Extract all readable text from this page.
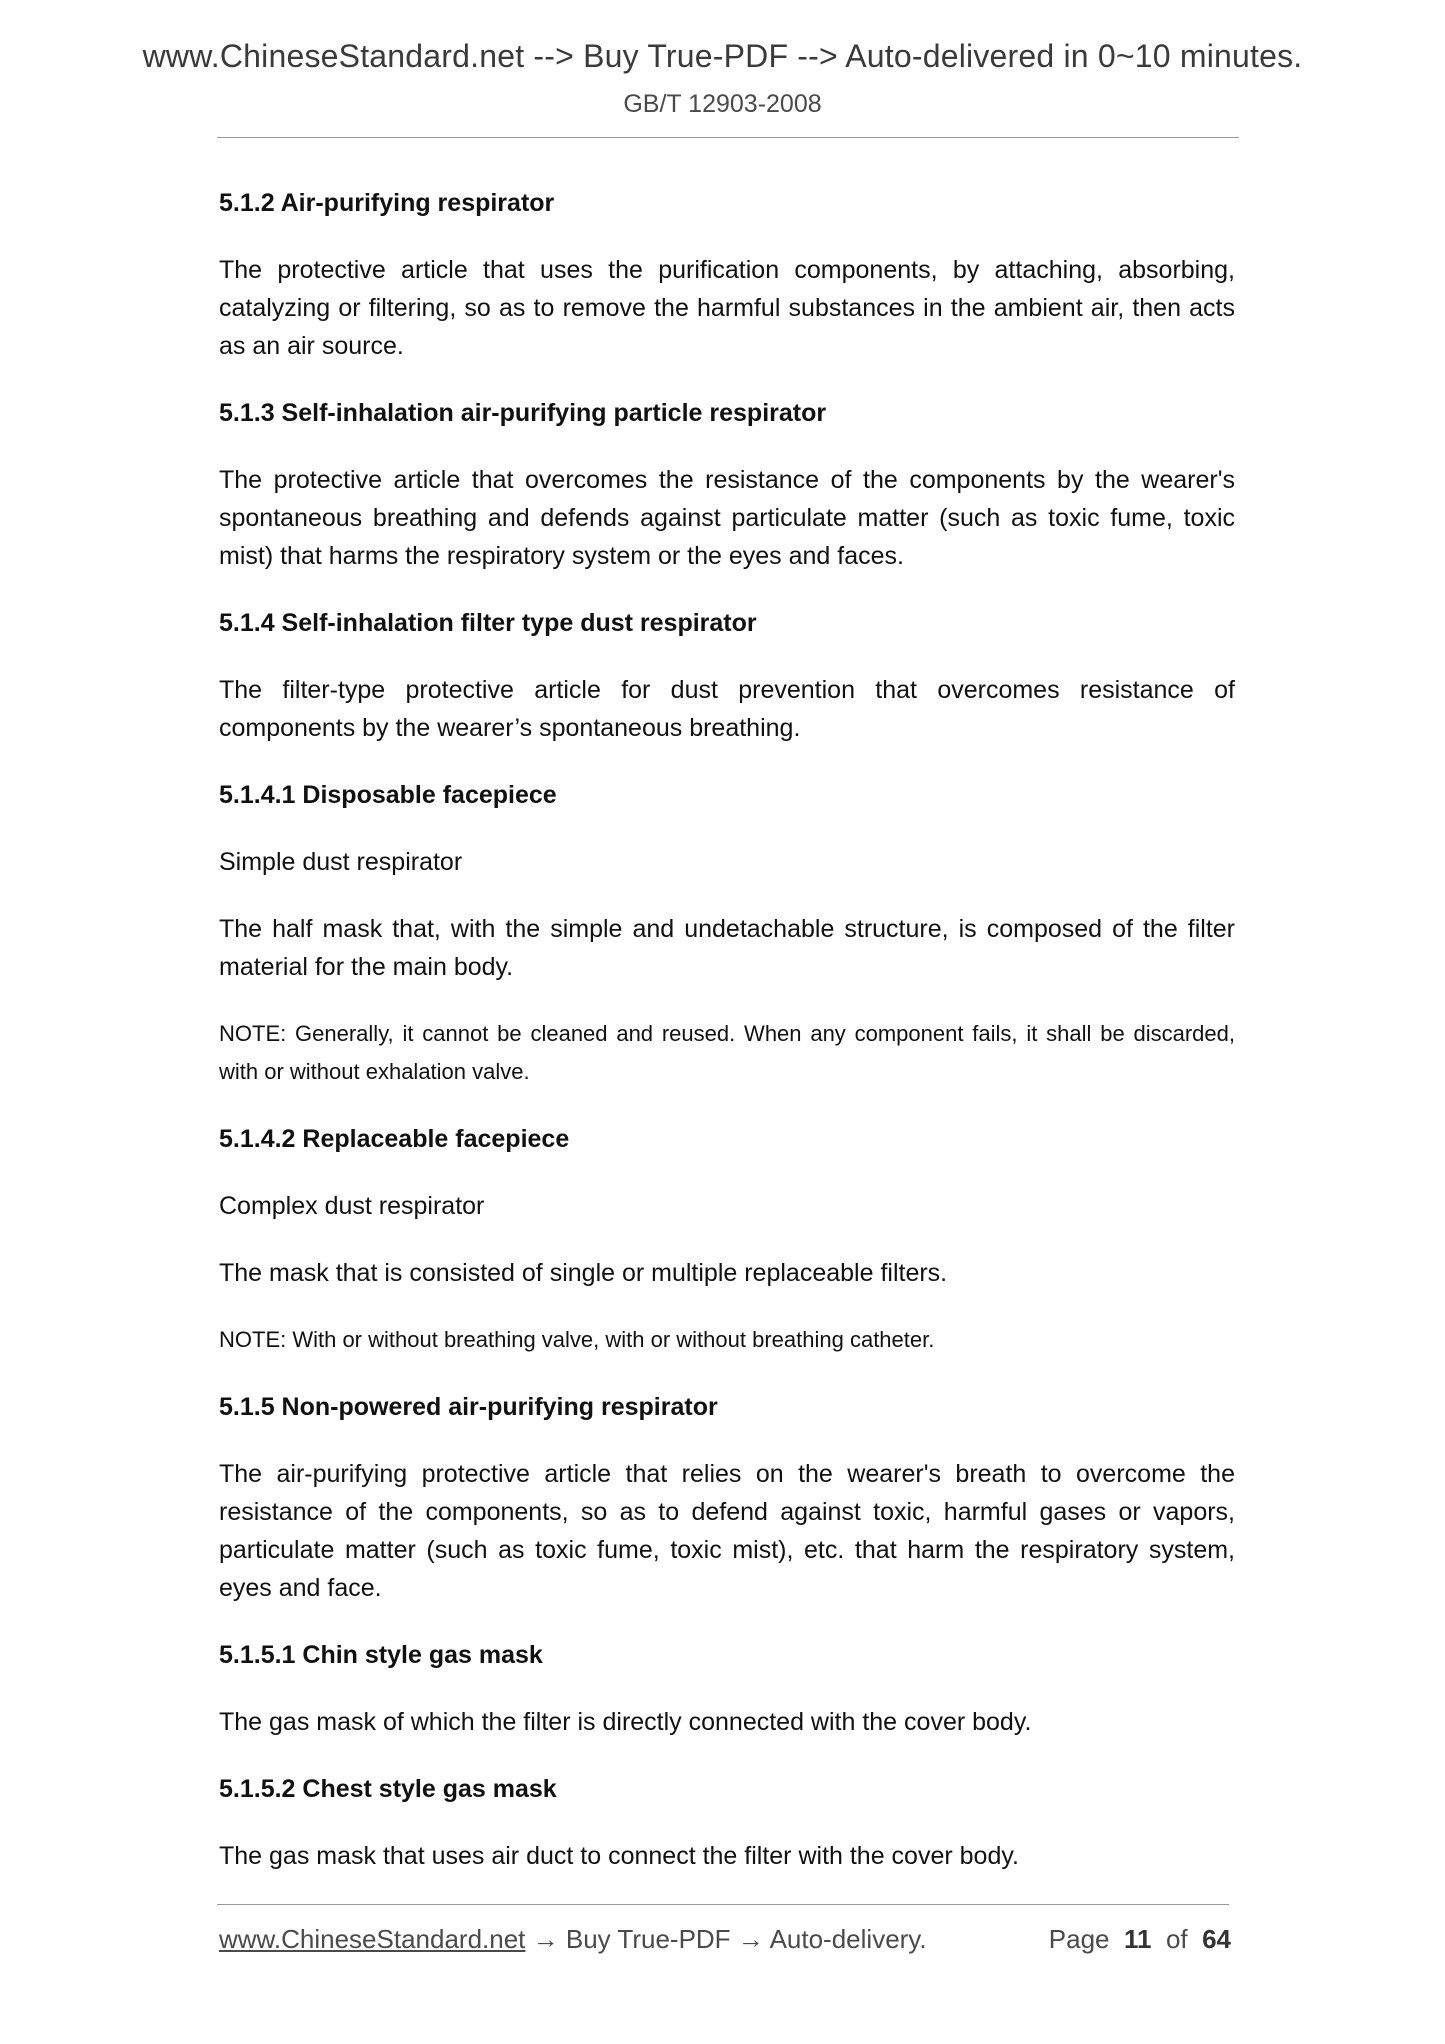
www.ChineseStandard.net --> Buy True-PDF --> Auto-delivered in 0~10 minutes.
GB/T 12903-2008
5.1.2 Air-purifying respirator
The protective article that uses the purification components, by attaching, absorbing, catalyzing or filtering, so as to remove the harmful substances in the ambient air, then acts as an air source.
5.1.3 Self-inhalation air-purifying particle respirator
The protective article that overcomes the resistance of the components by the wearer's spontaneous breathing and defends against particulate matter (such as toxic fume, toxic mist) that harms the respiratory system or the eyes and faces.
5.1.4 Self-inhalation filter type dust respirator
The filter-type protective article for dust prevention that overcomes resistance of components by the wearer’s spontaneous breathing.
5.1.4.1 Disposable facepiece
Simple dust respirator
The half mask that, with the simple and undetachable structure, is composed of the filter material for the main body.
NOTE: Generally, it cannot be cleaned and reused. When any component fails, it shall be discarded, with or without exhalation valve.
5.1.4.2 Replaceable facepiece
Complex dust respirator
The mask that is consisted of single or multiple replaceable filters.
NOTE: With or without breathing valve, with or without breathing catheter.
5.1.5 Non-powered air-purifying respirator
The air-purifying protective article that relies on the wearer's breath to overcome the resistance of the components, so as to defend against toxic, harmful gases or vapors, particulate matter (such as toxic fume, toxic mist), etc. that harm the respiratory system, eyes and face.
5.1.5.1 Chin style gas mask
The gas mask of which the filter is directly connected with the cover body.
5.1.5.2 Chest style gas mask
The gas mask that uses air duct to connect the filter with the cover body.
www.ChineseStandard.net → Buy True-PDF → Auto-delivery.	Page 11 of 64
